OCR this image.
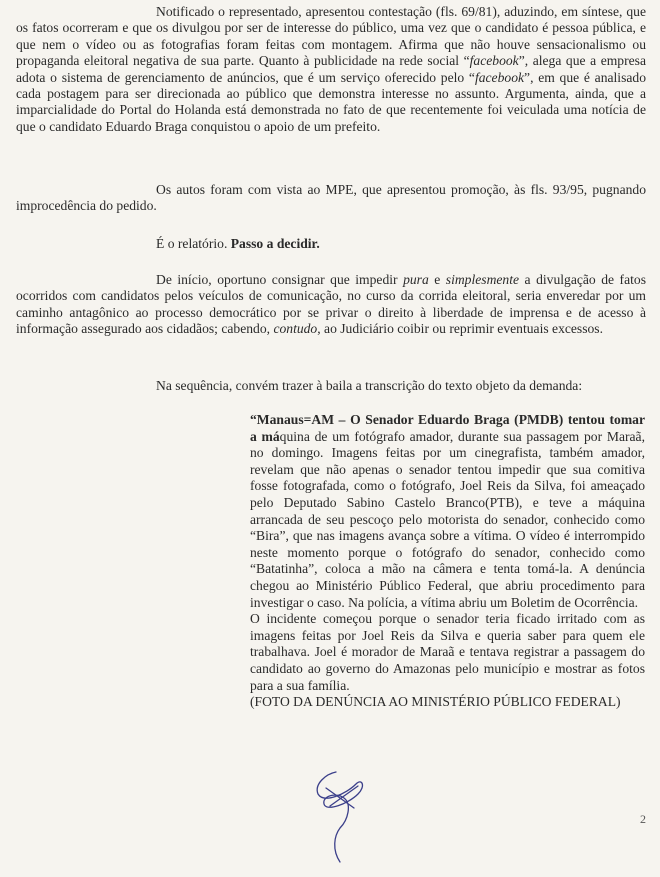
Notificado o representado, apresentou contestação (fls. 69/81), aduzindo, em síntese, que os fatos ocorreram e que os divulgou por ser de interesse do público, uma vez que o candidato é pessoa pública, e que nem o vídeo ou as fotografias foram feitas com montagem. Afirma que não houve sensacionalismo ou propaganda eleitoral negativa de sua parte. Quanto à publicidade na rede social “facebook”, alega que a empresa adota o sistema de gerenciamento de anúncios, que é um serviço oferecido pelo “facebook”, em que é analisado cada postagem para ser direcionada ao público que demonstra interesse no assunto. Argumenta, ainda, que a imparcialidade do Portal do Holanda está demonstrada no fato de que recentemente foi veiculada uma notícia de que o candidato Eduardo Braga conquistou o apoio de um prefeito.

Os autos foram com vista ao MPE, que apresentou promoção, às fls. 93/95, pugnando improcedência do pedido.

É o relatório. Passo a decidir.

De início, oportuno consignar que impedir pura e simplesmente a divulgação de fatos ocorridos com candidatos pelos veículos de comunicação, no curso da corrida eleitoral, seria enveredar por um caminho antagônico ao processo democrático por se privar o direito à liberdade de imprensa e de acesso à informação assegurado aos cidadãos; cabendo, contudo, ao Judiciário coibir ou reprimir eventuais excessos.

Na sequência, convém trazer à baila a transcrição do texto objeto da demanda:

“Manaus=AM – O Senador Eduardo Braga (PMDB) tentou tomar a máquina de um fotógrafo amador, durante sua passagem por Maraã, no domingo. Imagens feitas por um cinegrafista, também amador, revelam que não apenas o senador tentou impedir que sua comitiva fosse fotografada, como o fotógrafo, Joel Reis da Silva, foi ameaçado pelo Deputado Sabino Castelo Branco(PTB), e teve a máquina arrancada de seu pescoço pelo motorista do senador, conhecido como “Bira”, que nas imagens avança sobre a vítima. O vídeo é interrompido neste momento porque o fotógrafo do senador, conhecido como “Batatinha”, coloca a mão na câmera e tenta tomá-la. A denúncia chegou ao Ministério Público Federal, que abriu procedimento para investigar o caso. Na polícia, a vítima abriu um Boletim de Ocorrência.

O incidente começou porque o senador teria ficado irritado com as imagens feitas por Joel Reis da Silva e queria saber para quem ele trabalhava. Joel é morador de Maraã e tentava registrar a passagem do candidato ao governo do Amazonas pelo município e mostrar as fotos para a sua família.

(FOTO DA DENÚNCIA AO MINISTÉRIO PÚBLICO FEDERAL)

2
